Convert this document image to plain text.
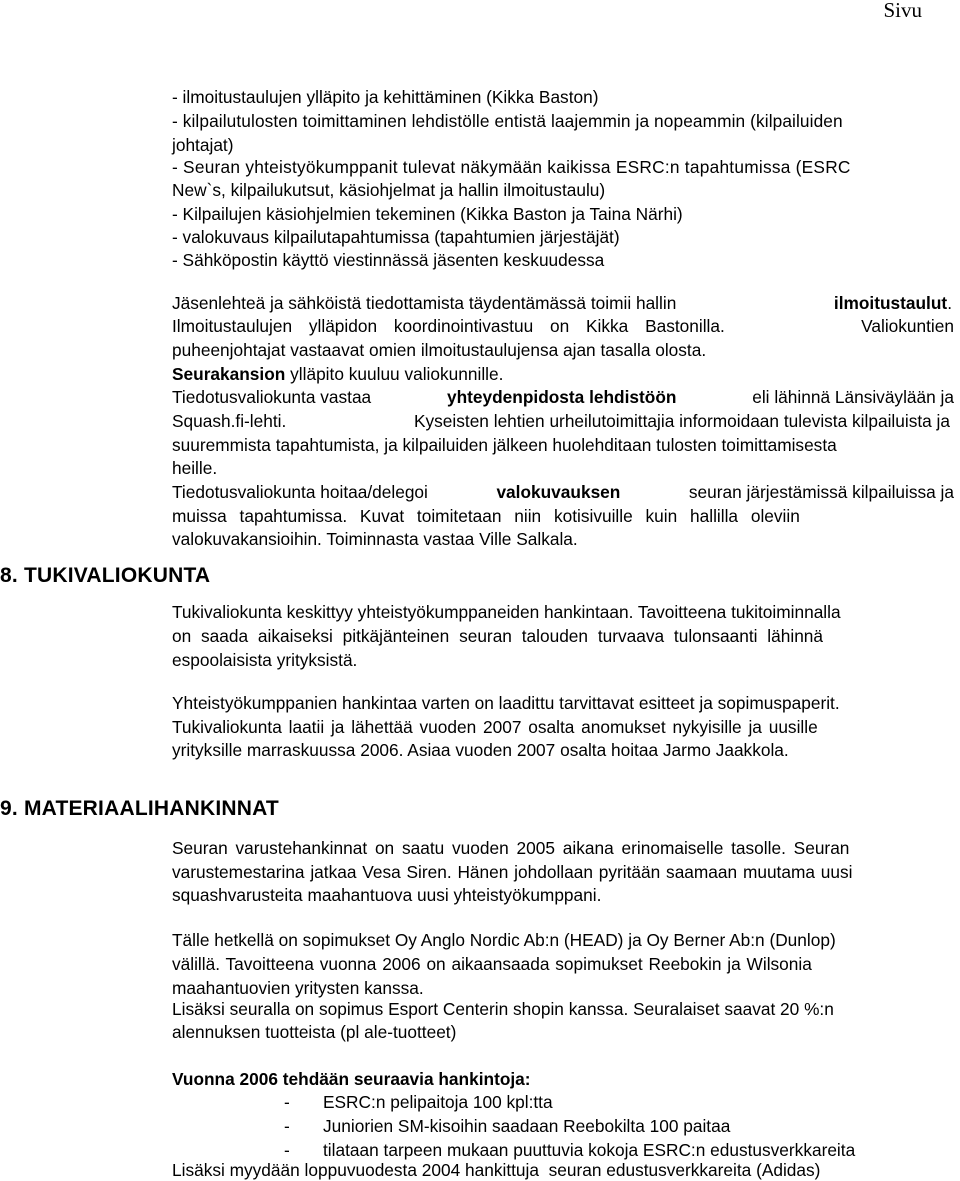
Sivu
- ilmoitustaulujen ylläpito ja kehittäminen (Kikka Baston)
- kilpailutulosten toimittaminen lehdistölle entistä laajemmin ja nopeammin (kilpailuiden
johtajat)
- Seuran yhteistyökumppanit tulevat näkymään kaikissa ESRC:n tapahtumissa (ESRC
New`s, kilpailukutsut, käsiohjelmat ja hallin ilmoitustaulu)
- Kilpailujen käsiohjelmien tekeminen (Kikka Baston ja Taina Närhi)
- valokuvaus kilpailutapahtumissa (tapahtumien järjestäjät)
- Sähköpostin käyttö viestinnässä jäsenten keskuudessa
Jäsenlehteä ja sähköistä tiedottamista täydentämässä toimii hallin	ilmoitustaulut.
Ilmoitustaulujen ylläpidon koordinointivastuu on Kikka Bastonilla.	Valiokuntien
puheenjohtajat vastaavat omien ilmoitustaulujensa ajan tasalla olosta.
Seurakansion ylläpito kuuluu valiokunnille.
Tiedotusvaliokunta vastaa	yhteydenpidosta lehdistöön	eli lähinnä Länsiväylään ja
Squash.fi-lehti.	Kyseisten lehtien urheilutoimittajia informoidaan tulevista kilpailuista ja
suuremmista tapahtumista, ja kilpailuiden jälkeen huolehditaan tulosten toimittamisesta
heille.
Tiedotusvaliokunta hoitaa/delegoi	valokuvauksen	seuran järjestämissä kilpailuissa ja
muissa tapahtumissa. Kuvat toimitetaan niin kotisivuille kuin hallilla oleviin
valokuvakansioihin. Toiminnasta vastaa Ville Salkala.
8. TUKIVALIOKUNTA
Tukivaliokunta keskittyy yhteistyökumppaneiden hankintaan. Tavoitteena tukitoiminnalla
on saada aikaiseksi pitkäjänteinen seuran talouden turvaava tulonsaanti lähinnä
espoolaisista yrityksistä.
Yhteistyökumppanien hankintaa varten on laadittu tarvittavat esitteet ja sopimuspaperit.
Tukivaliokunta laatii ja lähettää vuoden 2007 osalta anomukset nykyisille ja uusille
yrityksille marraskuussa 2006. Asiaa vuoden 2007 osalta hoitaa Jarmo Jaakkola.
9. MATERIAALIHANKINNAT
Seuran varustehankinnat on saatu vuoden 2005 aikana erinomaiselle tasolle. Seuran
varustemestarina jatkaa Vesa Siren. Hänen johdollaan pyritään saamaan muutama uusi
squashvarusteita maahantuova uusi yhteistyökumppani.
Tälle hetkellä on sopimukset Oy Anglo Nordic Ab:n (HEAD) ja Oy Berner Ab:n (Dunlop)
välillä. Tavoitteena vuonna 2006 on aikaansaada sopimukset Reebokin ja Wilsonia
maahantuovien yritysten kanssa.
Lisäksi seuralla on sopimus Esport Centerin shopin kanssa. Seuralaiset saavat 20 %:n
alennuksen tuotteista (pl ale-tuotteet)
Vuonna 2006 tehdään seuraavia hankintoja:
- ESRC:n pelipaitoja 100 kpl:tta
- Juniorien SM-kisoihin saadaan Reebokilta 100 paitaa
- tilataan tarpeen mukaan puuttuvia kokoja ESRC:n edustusverkkareita
Lisäksi myydään loppuvuodesta 2004 hankittuja  seuran edustusverkkareita (Adidas)
